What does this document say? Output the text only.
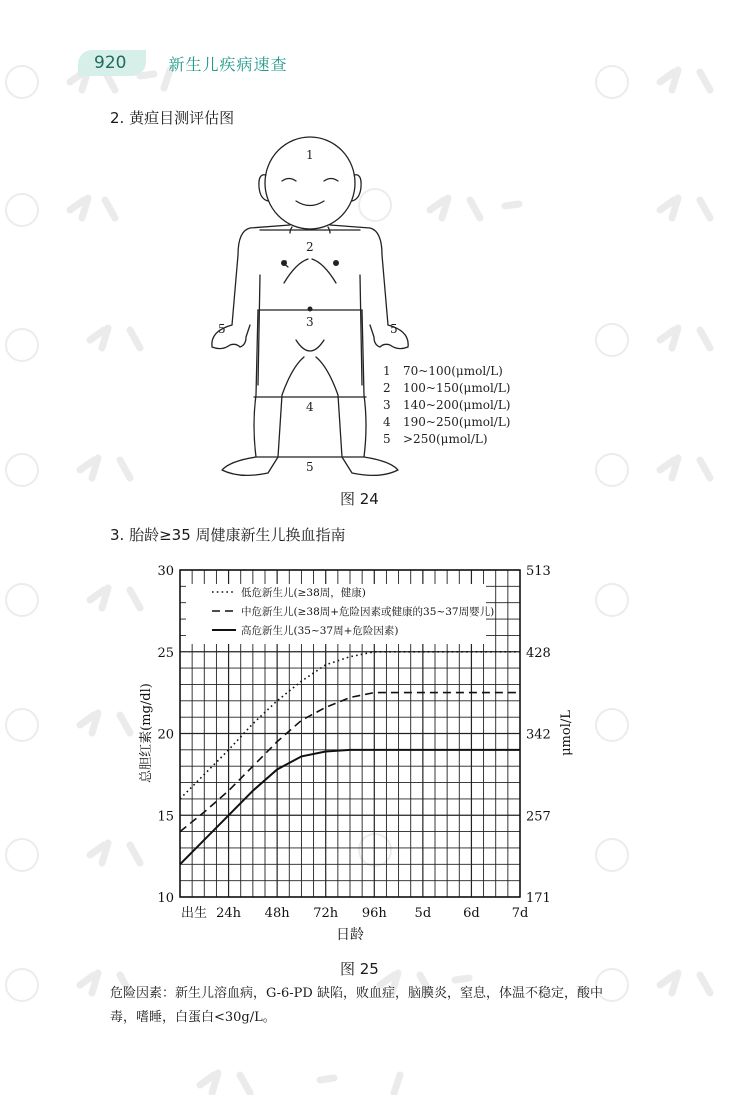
920	新生儿疾病速查
2. 黄疸目测评估图
1
2
3
4
5
5	5
1 70~100(μmol/L)
2 100~150(μmol/L)
3 140~200(μmol/L)
4 190~250(μmol/L)
5 >250(μmol/L)
图 24
3. 胎龄≥35 周健康新生儿换血指南
低危新生儿(≥38周，健康)
中危新生儿(≥38周+危险因素或健康的35~37周婴儿)
高危新生儿(35~37周+危险因素)
10	171
15	257
20	342
25	428
30	513
出生 24h 48h 72h 96h 5d 6d 7d
总胆红素(mg/dl)	μmol/L
日龄
图 25
危险因素：新生儿溶血病，G-6-PD 缺陷，败血症，脑膜炎，窒息，体温不稳定，酸中毒，嗜睡，白蛋白<30g/L。
